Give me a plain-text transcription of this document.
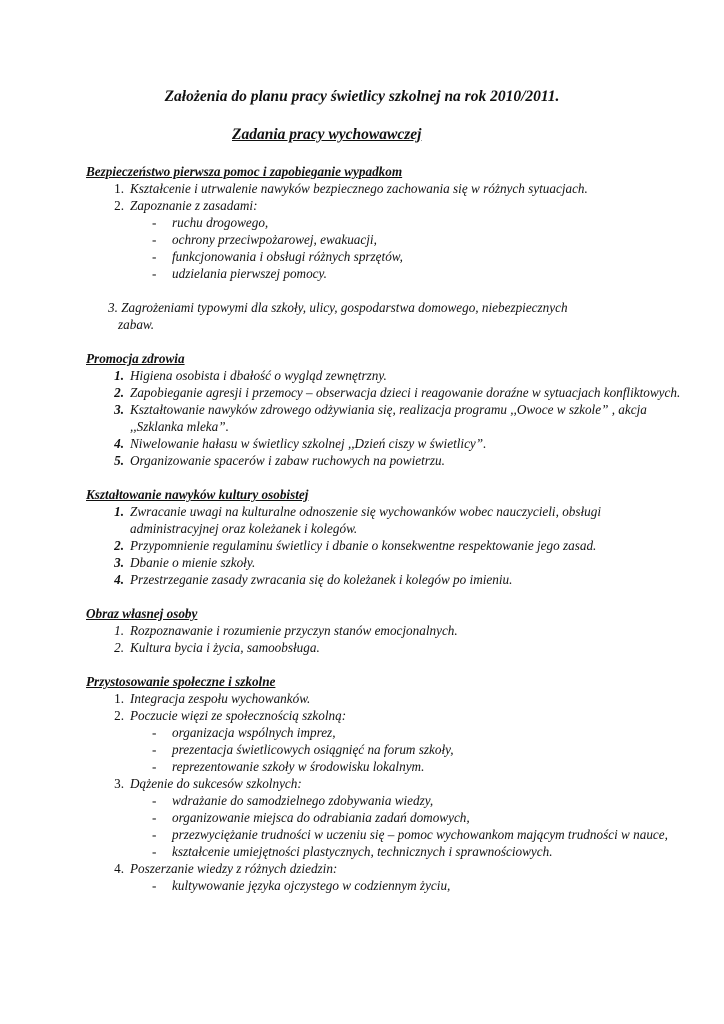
Założenia do planu pracy świetlicy szkolnej na rok 2010/2011.
Zadania pracy wychowawczej

Bezpieczeństwo pierwsza pomoc i zapobieganie wypadkom

1. Kształcenie i utrwalenie nawyków bezpiecznego zachowania się w różnych sytuacjach.
2. Zapoznanie z zasadami:
-	ruchu drogowego,
-	ochrony przeciwpożarowej, ewakuacji,
-	funkcjonowania i obsługi różnych sprzętów,
-	udzielania pierwszej pomocy.
3. Zagrożeniami typowymi dla szkoły, ulicy, gospodarstwa domowego, niebezpiecznych
zabaw.

Promocja zdrowia

1. Higiena osobista i dbałość o wygląd zewnętrzny.
2. Zapobieganie agresji i przemocy – obserwacja dzieci i reagowanie doraźne w sytuacjach konfliktowych.
3. Kształtowanie nawyków zdrowego odżywiania się, realizacja programu ,,Owoce w szkole” , akcja ,,Szklanka mleka”.
4. Niwelowanie hałasu w świetlicy szkolnej ,,Dzień ciszy w świetlicy”.
5. Organizowanie spacerów i zabaw ruchowych na powietrzu.

Kształtowanie nawyków kultury osobistej

1. Zwracanie uwagi na kulturalne odnoszenie się wychowanków wobec nauczycieli, obsługi administracyjnej oraz koleżanek i kolegów.
2. Przypomnienie regulaminu świetlicy i dbanie o konsekwentne respektowanie jego zasad.
3. Dbanie o mienie szkoły.
4. Przestrzeganie zasady zwracania się do koleżanek i kolegów po imieniu.

Obraz własnej osoby

1. Rozpoznawanie i rozumienie przyczyn stanów emocjonalnych.
2. Kultura bycia i życia, samoobsługa.

Przystosowanie społeczne i szkolne

1. Integracja zespołu wychowanków.
2. Poczucie więzi ze społecznością szkolną:
-	organizacja wspólnych imprez,
-	prezentacja świetlicowych osiągnięć na forum szkoły,
-	reprezentowanie szkoły w środowisku lokalnym.
3. Dążenie do sukcesów szkolnych:
-	wdrażanie do samodzielnego zdobywania wiedzy,
-	organizowanie miejsca do odrabiania zadań domowych,
-	przezwyciężanie trudności w uczeniu się – pomoc wychowankom mającym trudności w nauce,
-	kształcenie umiejętności plastycznych, technicznych i sprawnościowych.
4. Poszerzanie wiedzy z różnych dziedzin:
-	kultywowanie języka ojczystego w codziennym życiu,
